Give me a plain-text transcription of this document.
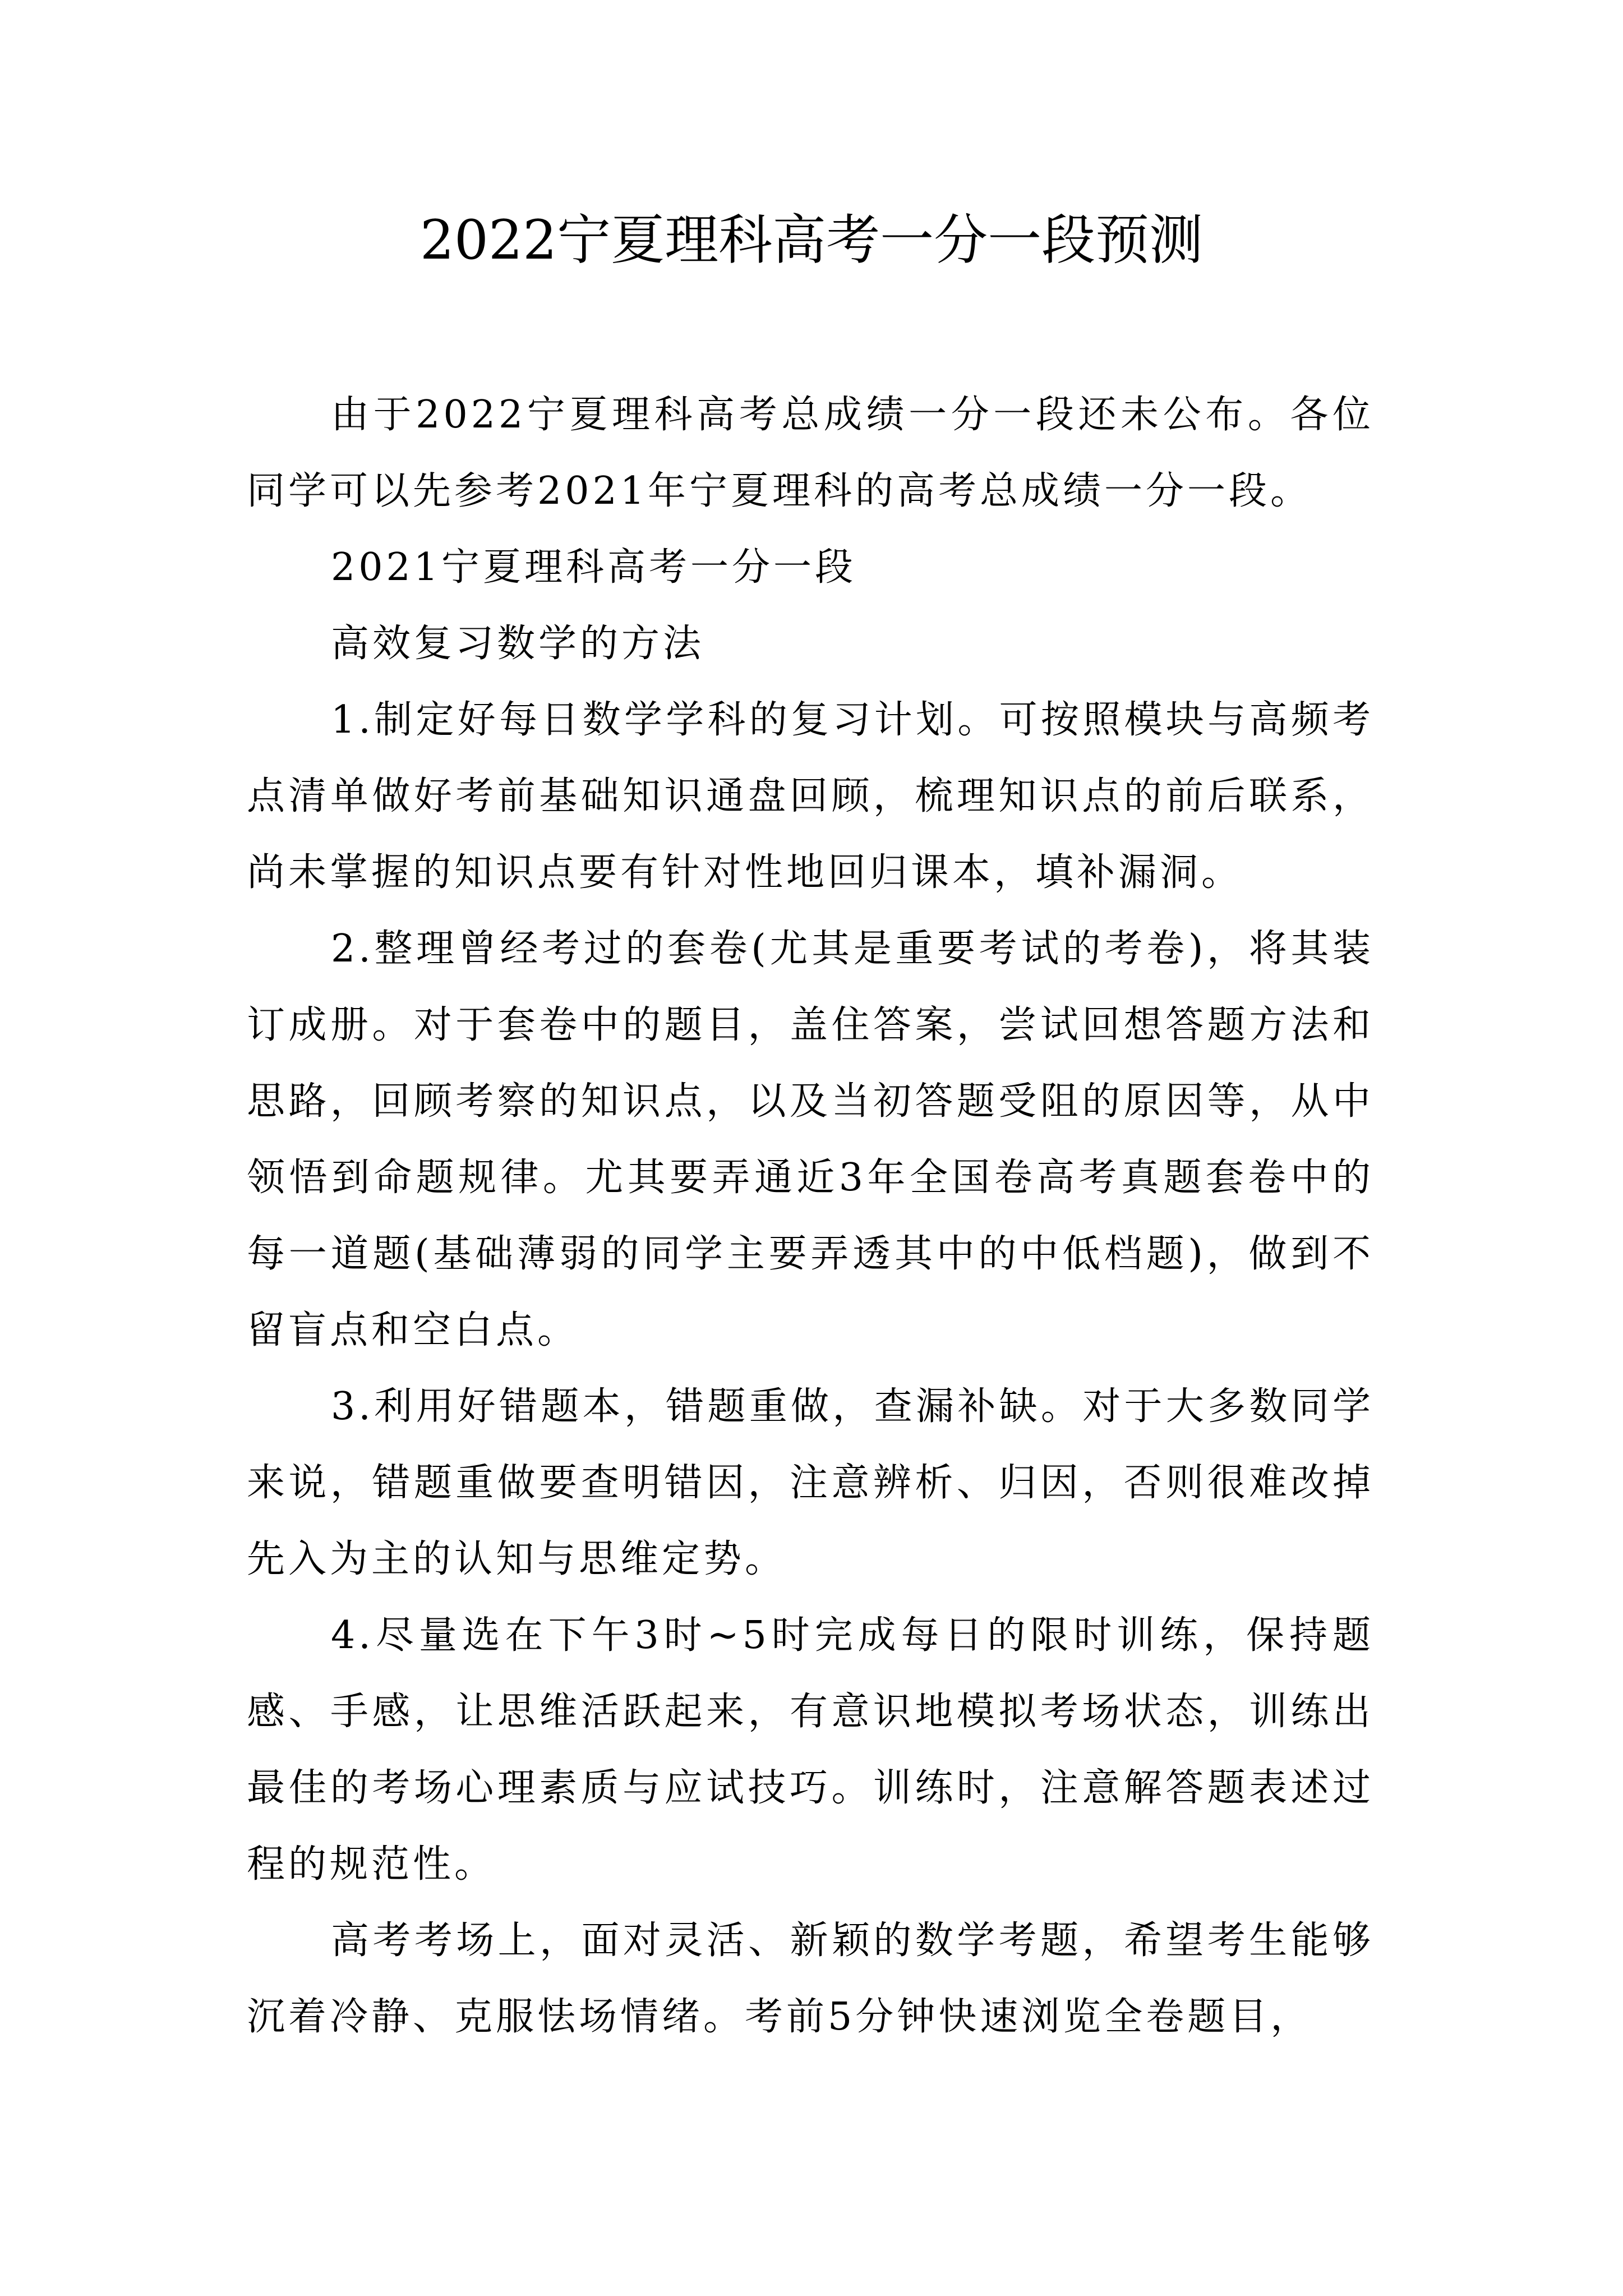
2022宁夏理科高考一分一段预测

由于2022宁夏理科高考总成绩一分一段还未公布。各位同学可以先参考2021年宁夏理科的高考总成绩一分一段。

2021宁夏理科高考一分一段

高效复习数学的方法

1.制定好每日数学学科的复习计划。可按照模块与高频考点清单做好考前基础知识通盘回顾，梳理知识点的前后联系，尚未掌握的知识点要有针对性地回归课本，填补漏洞。

2.整理曾经考过的套卷(尤其是重要考试的考卷)，将其装订成册。对于套卷中的题目，盖住答案，尝试回想答题方法和思路，回顾考察的知识点，以及当初答题受阻的原因等，从中领悟到命题规律。尤其要弄通近3年全国卷高考真题套卷中的每一道题(基础薄弱的同学主要弄透其中的中低档题)，做到不留盲点和空白点。

3.利用好错题本，错题重做，查漏补缺。对于大多数同学来说，错题重做要查明错因，注意辨析、归因，否则很难改掉先入为主的认知与思维定势。

4.尽量选在下午3时~5时完成每日的限时训练，保持题感、手感，让思维活跃起来，有意识地模拟考场状态，训练出最佳的考场心理素质与应试技巧。训练时，注意解答题表述过程的规范性。

高考考场上，面对灵活、新颖的数学考题，希望考生能够沉着冷静、克服怯场情绪。考前5分钟快速浏览全卷题目，
